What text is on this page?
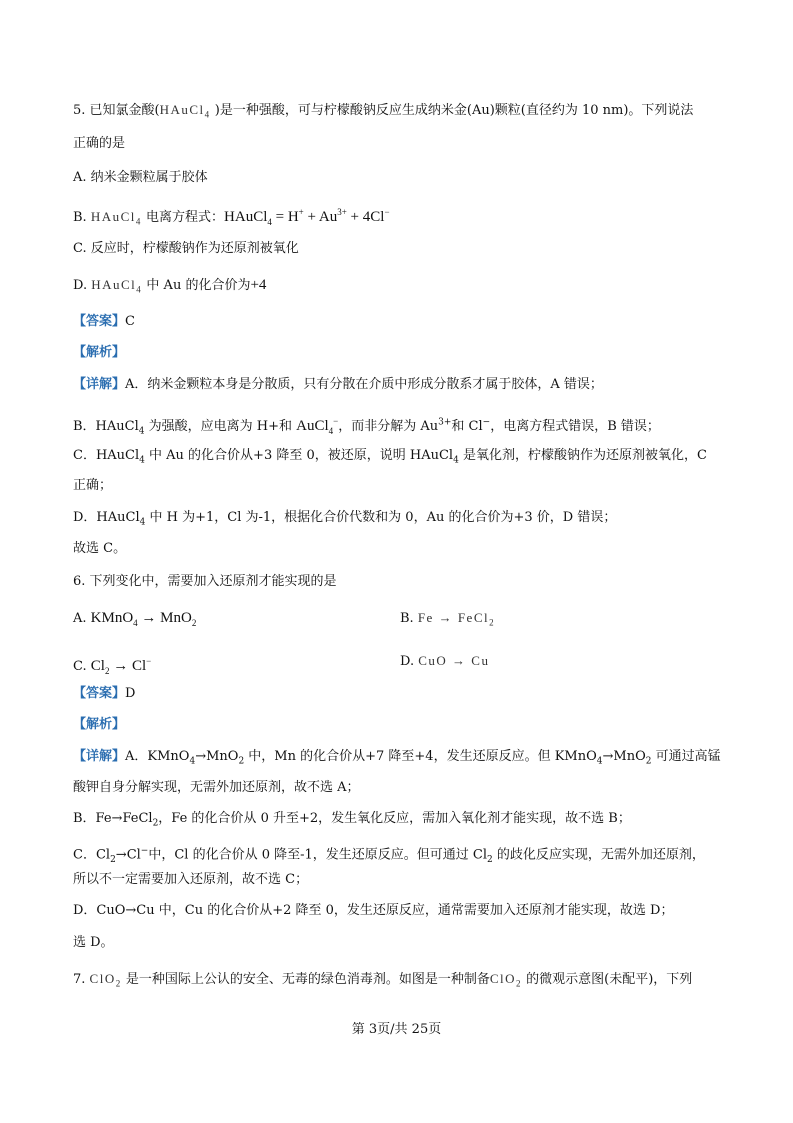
5. 已知氯金酸(HAuCl$_4$ )是一种强酸，可与柠檬酸钠反应生成纳米金(Au)颗粒(直径约为 10 nm)。下列说法
正确的是
A. 纳米金颗粒属于胶体
B. HAuCl$_4$ 电离方程式：HAuCl$_4$ = $H^+ + Au^{3+} + 4Cl^-$
C. 反应时，柠檬酸钠作为还原剂被氧化
D. HAuCl$_4$ 中 Au 的化合价为+4
【答案】C
【解析】
【详解】A．纳米金颗粒本身是分散质，只有分散在介质中形成分散系才属于胶体，A 错误；
B．HAuCl$_4$ 为强酸，应电离为 H+和 AuCl$_4$−，而非分解为 $Au^{3+}$和 Cl−，电离方程式错误，B 错误；
C．HAuCl$_4$ 中 Au 的化合价从+3 降至 0，被还原，说明 HAuCl$_4$ 是氧化剂，柠檬酸钠作为还原剂被氧化，C
正确；
D．HAuCl$_4$ 中 H 为+1，Cl 为-1，根据化合价代数和为 0，Au 的化合价为+3 价，D 错误；
故选 C。
6. 下列变化中，需要加入还原剂才能实现的是
A. KMnO$_4$ → MnO$_2$	B. Fe → FeCl$_2$
C. $Cl_2 \to Cl^-$	D. CuO → Cu
【答案】D
【解析】
【详解】A．KMnO$_4$→MnO$_2$ 中，Mn 的化合价从+7 降至+4，发生还原反应。但 KMnO$_4$→MnO$_2$ 可通过高锰
酸钾自身分解实现，无需外加还原剂，故不选 A；
B．Fe→FeCl$_2$，Fe 的化合价从 0 升至+2，发生氧化反应，需加入氧化剂才能实现，故不选 B；
C．$Cl_2\to Cl^-$中，Cl 的化合价从 0 降至-1，发生还原反应。但可通过 $Cl_2$ 的歧化反应实现，无需外加还原剂，
所以不一定需要加入还原剂，故不选 C；
D．CuO→Cu 中，Cu 的化合价从+2 降至 0，发生还原反应，通常需要加入还原剂才能实现，故选 D；
选 D。
7. ClO$_2$ 是一种国际上公认的安全、无毒的绿色消毒剂。如图是一种制备ClO$_2$ 的微观示意图(未配平)，下列
第 3页/共 25页
